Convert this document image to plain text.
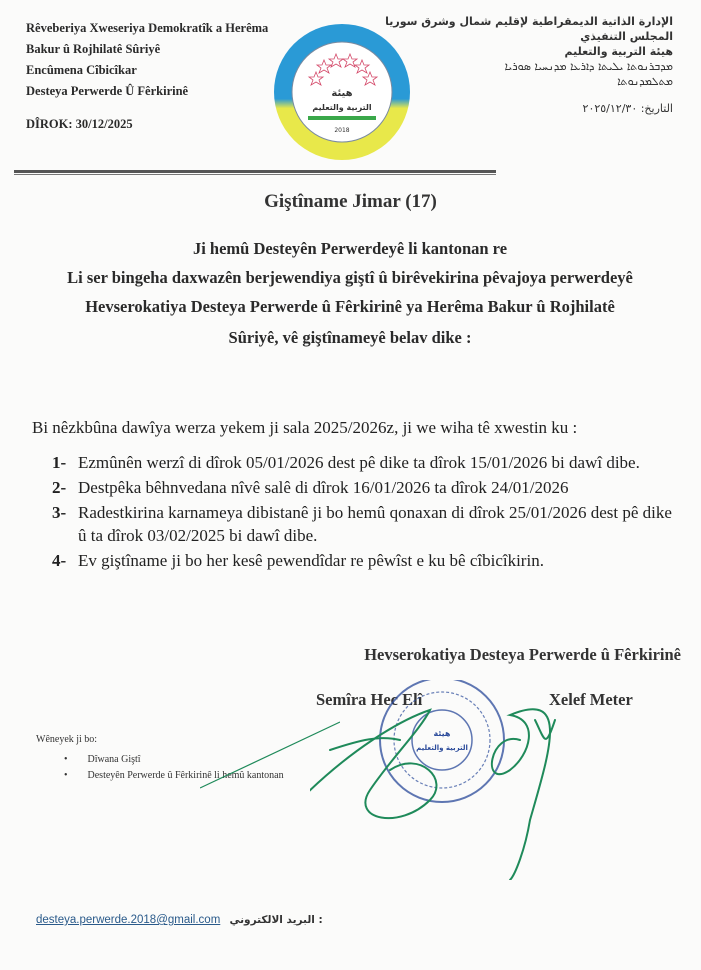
Rêveberiya Xweseriya Demokratîk a Herêma
Bakur û Rojhilatê Sûriyê
Encûmena Cîbicîkar
Desteya Perwerde Û Fêrkirinê
DÎROK: 30/12/2025
هيئة
التربية والتعليم
2018
الإدارة الذاتية الديمقراطية لإقليم شمال وشرق سوريا
المجلس التنفيذي
هيئة التربية والتعليم
ܡܕܒܪܢܘܬܐ ܝܠܝܬܐ ܕܐܪܥܐ ܡܕܢܚܝܐ ܣܘܪܝܐ
ܡܬܠܡܕܢܘܬܐ
التاريخ: ٢٠٢٥/١٢/٣٠
Giştîname Jimar (17)

Ji hemû Desteyên Perwerdeyê li kantonan re

Li ser bingeha daxwazên berjewendiya giştî û birêvekirina pêvajoya perwerdeyê

Hevserokatiya Desteya Perwerde û Fêrkirinê ya Herêma Bakur û Rojhilatê

Sûriyê, vê giştînameyê belav dike :

Bi nêzkbûna dawîya werza yekem ji sala 2025/2026z, ji we wiha tê xwestin ku :
1- Ezmûnên werzî di dîrok 05/01/2026 dest pê dike ta dîrok 15/01/2026 bi dawî dibe.
2- Destpêka bêhnvedana nîvê salê di dîrok 16/01/2026 ta dîrok 24/01/2026
3- Radestkirina karnameya dibistanê ji bo hemû qonaxan di dîrok 25/01/2026 dest pê dike û ta dîrok 03/02/2025 bi dawî dibe.
4- Ev giştîname ji bo her kesê pewendîdar re pêwîst e ku bê cîbicîkirin.
Hevserokatiya Desteya Perwerde û Fêrkirinê
Semîra Hec Elî	Xelef Meter
هيئة
التربية والتعليم
Wêneyek ji bo:
• Dîwana Giştî
• Desteyên Perwerde û Fêrkirinê li hemû kantonan
desteya.perwerde.2018@gmail.com : البريد الالكتروني
